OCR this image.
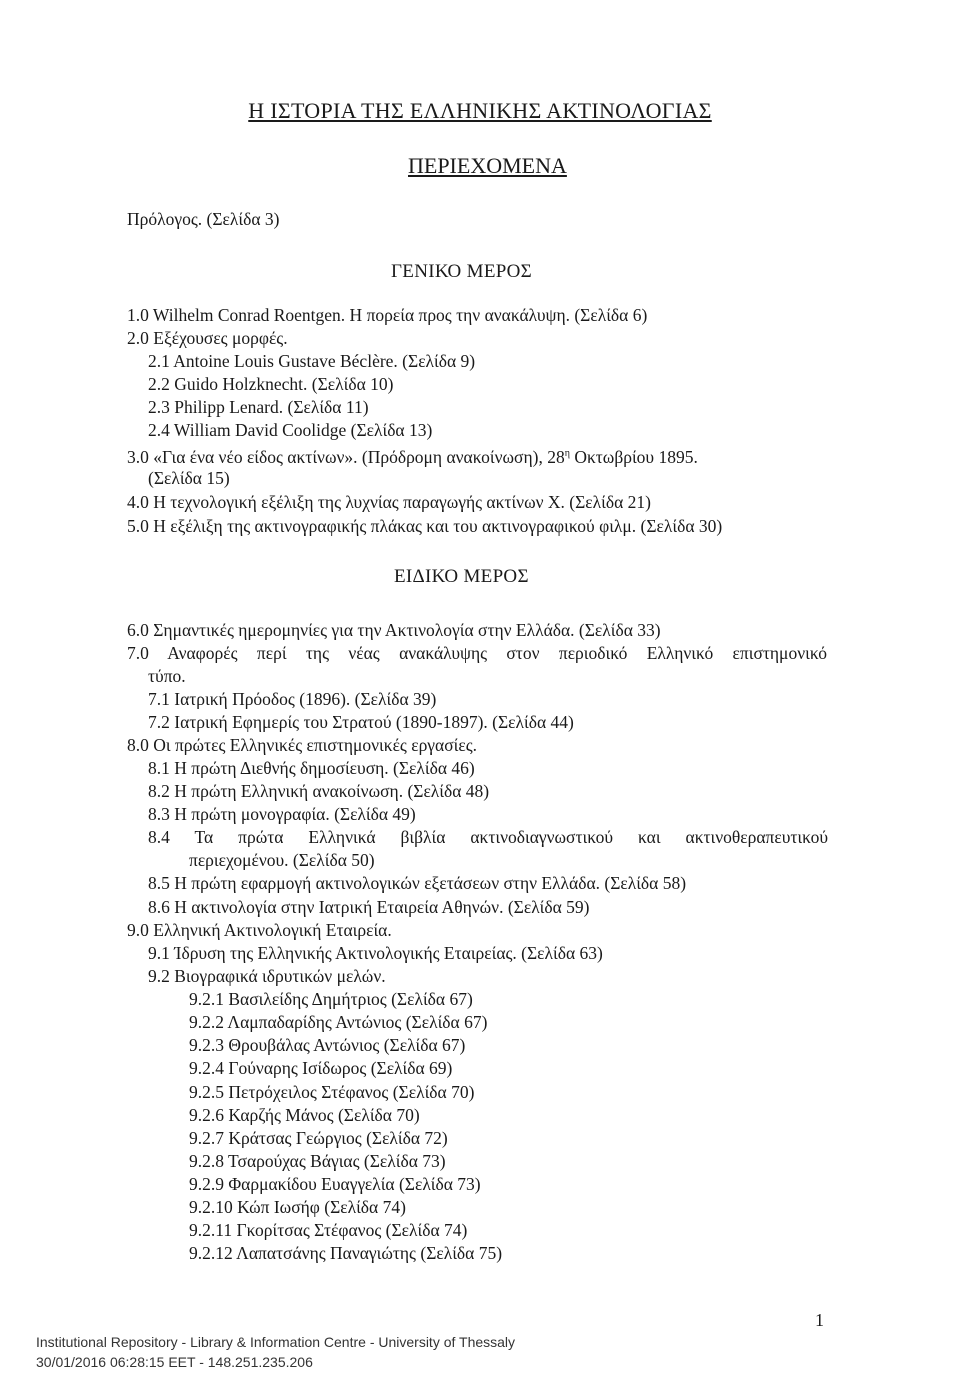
Η ΙΣΤΟΡΙΑ ΤΗΣ ΕΛΛΗΝΙΚΗΣ ΑΚΤΙΝΟΛΟΓΙΑΣ
ΠΕΡΙΕΧΟΜΕΝΑ
Πρόλογος. (Σελίδα 3)
ΓΕΝΙΚΟ ΜΕΡΟΣ
1.0 Wilhelm Conrad Roentgen. Η πορεία προς την ανακάλυψη. (Σελίδα 6)
2.0 Εξέχουσες μορφές.
2.1 Antoine Louis Gustave Béclère. (Σελίδα 9)
2.2 Guido Holzknecht. (Σελίδα 10)
2.3 Philipp Lenard. (Σελίδα 11)
2.4 William David Coolidge (Σελίδα 13)
3.0 «Για ένα νέο είδος ακτίνων». (Πρόδρομη ανακοίνωση), $28^\eta$ Οκτωβρίου 1895.
(Σελίδα 15)
4.0 Η τεχνολογική εξέλιξη της λυχνίας παραγωγής ακτίνων Χ. (Σελίδα 21)
5.0 Η εξέλιξη της ακτινογραφικής πλάκας και του ακτινογραφικού φιλμ. (Σελίδα 30)
ΕΙΔΙΚΟ ΜΕΡΟΣ
6.0 Σημαντικές ημερομηνίες για την Ακτινολογία στην Ελλάδα. (Σελίδα 33)
7.0 Αναφορές περί της νέας ανακάλυψης στον περιοδικό Ελληνικό επιστημονικό
τύπο.
7.1 Ιατρική Πρόοδος (1896). (Σελίδα 39)
7.2 Ιατρική Εφημερίς του Στρατού (1890-1897). (Σελίδα 44)
8.0 Οι πρώτες Ελληνικές επιστημονικές εργασίες.
8.1 Η πρώτη Διεθνής δημοσίευση. (Σελίδα 46)
8.2 Η πρώτη Ελληνική ανακοίνωση. (Σελίδα 48)
8.3 Η πρώτη μονογραφία. (Σελίδα 49)
8.4 Τα πρώτα Ελληνικά βιβλία ακτινοδιαγνωστικού και ακτινοθεραπευτικού
περιεχομένου. (Σελίδα 50)
8.5 Η πρώτη εφαρμογή ακτινολογικών εξετάσεων στην Ελλάδα. (Σελίδα 58)
8.6 Η ακτινολογία στην Ιατρική Εταιρεία Αθηνών. (Σελίδα 59)
9.0 Ελληνική Ακτινολογική Εταιρεία.
9.1 Ίδρυση της Ελληνικής Ακτινολογικής Εταιρείας. (Σελίδα 63)
9.2 Βιογραφικά ιδρυτικών μελών.
9.2.1 Βασιλείδης Δημήτριος (Σελίδα 67)
9.2.2 Λαμπαδαρίδης Αντώνιος (Σελίδα 67)
9.2.3 Θρουβάλας Αντώνιος (Σελίδα 67)
9.2.4 Γούναρης Ισίδωρος (Σελίδα 69)
9.2.5 Πετρόχειλος Στέφανος (Σελίδα 70)
9.2.6 Καρζής Μάνος (Σελίδα 70)
9.2.7 Κράτσας Γεώργιος (Σελίδα 72)
9.2.8 Τσαρούχας Βάγιας (Σελίδα 73)
9.2.9 Φαρμακίδου Ευαγγελία (Σελίδα 73)
9.2.10 Κώπ Ιωσήφ (Σελίδα 74)
9.2.11 Γκορίτσας Στέφανος (Σελίδα 74)
9.2.12 Λαπατσάνης Παναγιώτης (Σελίδα 75)
1
Institutional Repository - Library & Information Centre - University of Thessaly
30/01/2016 06:28:15 EET - 148.251.235.206
